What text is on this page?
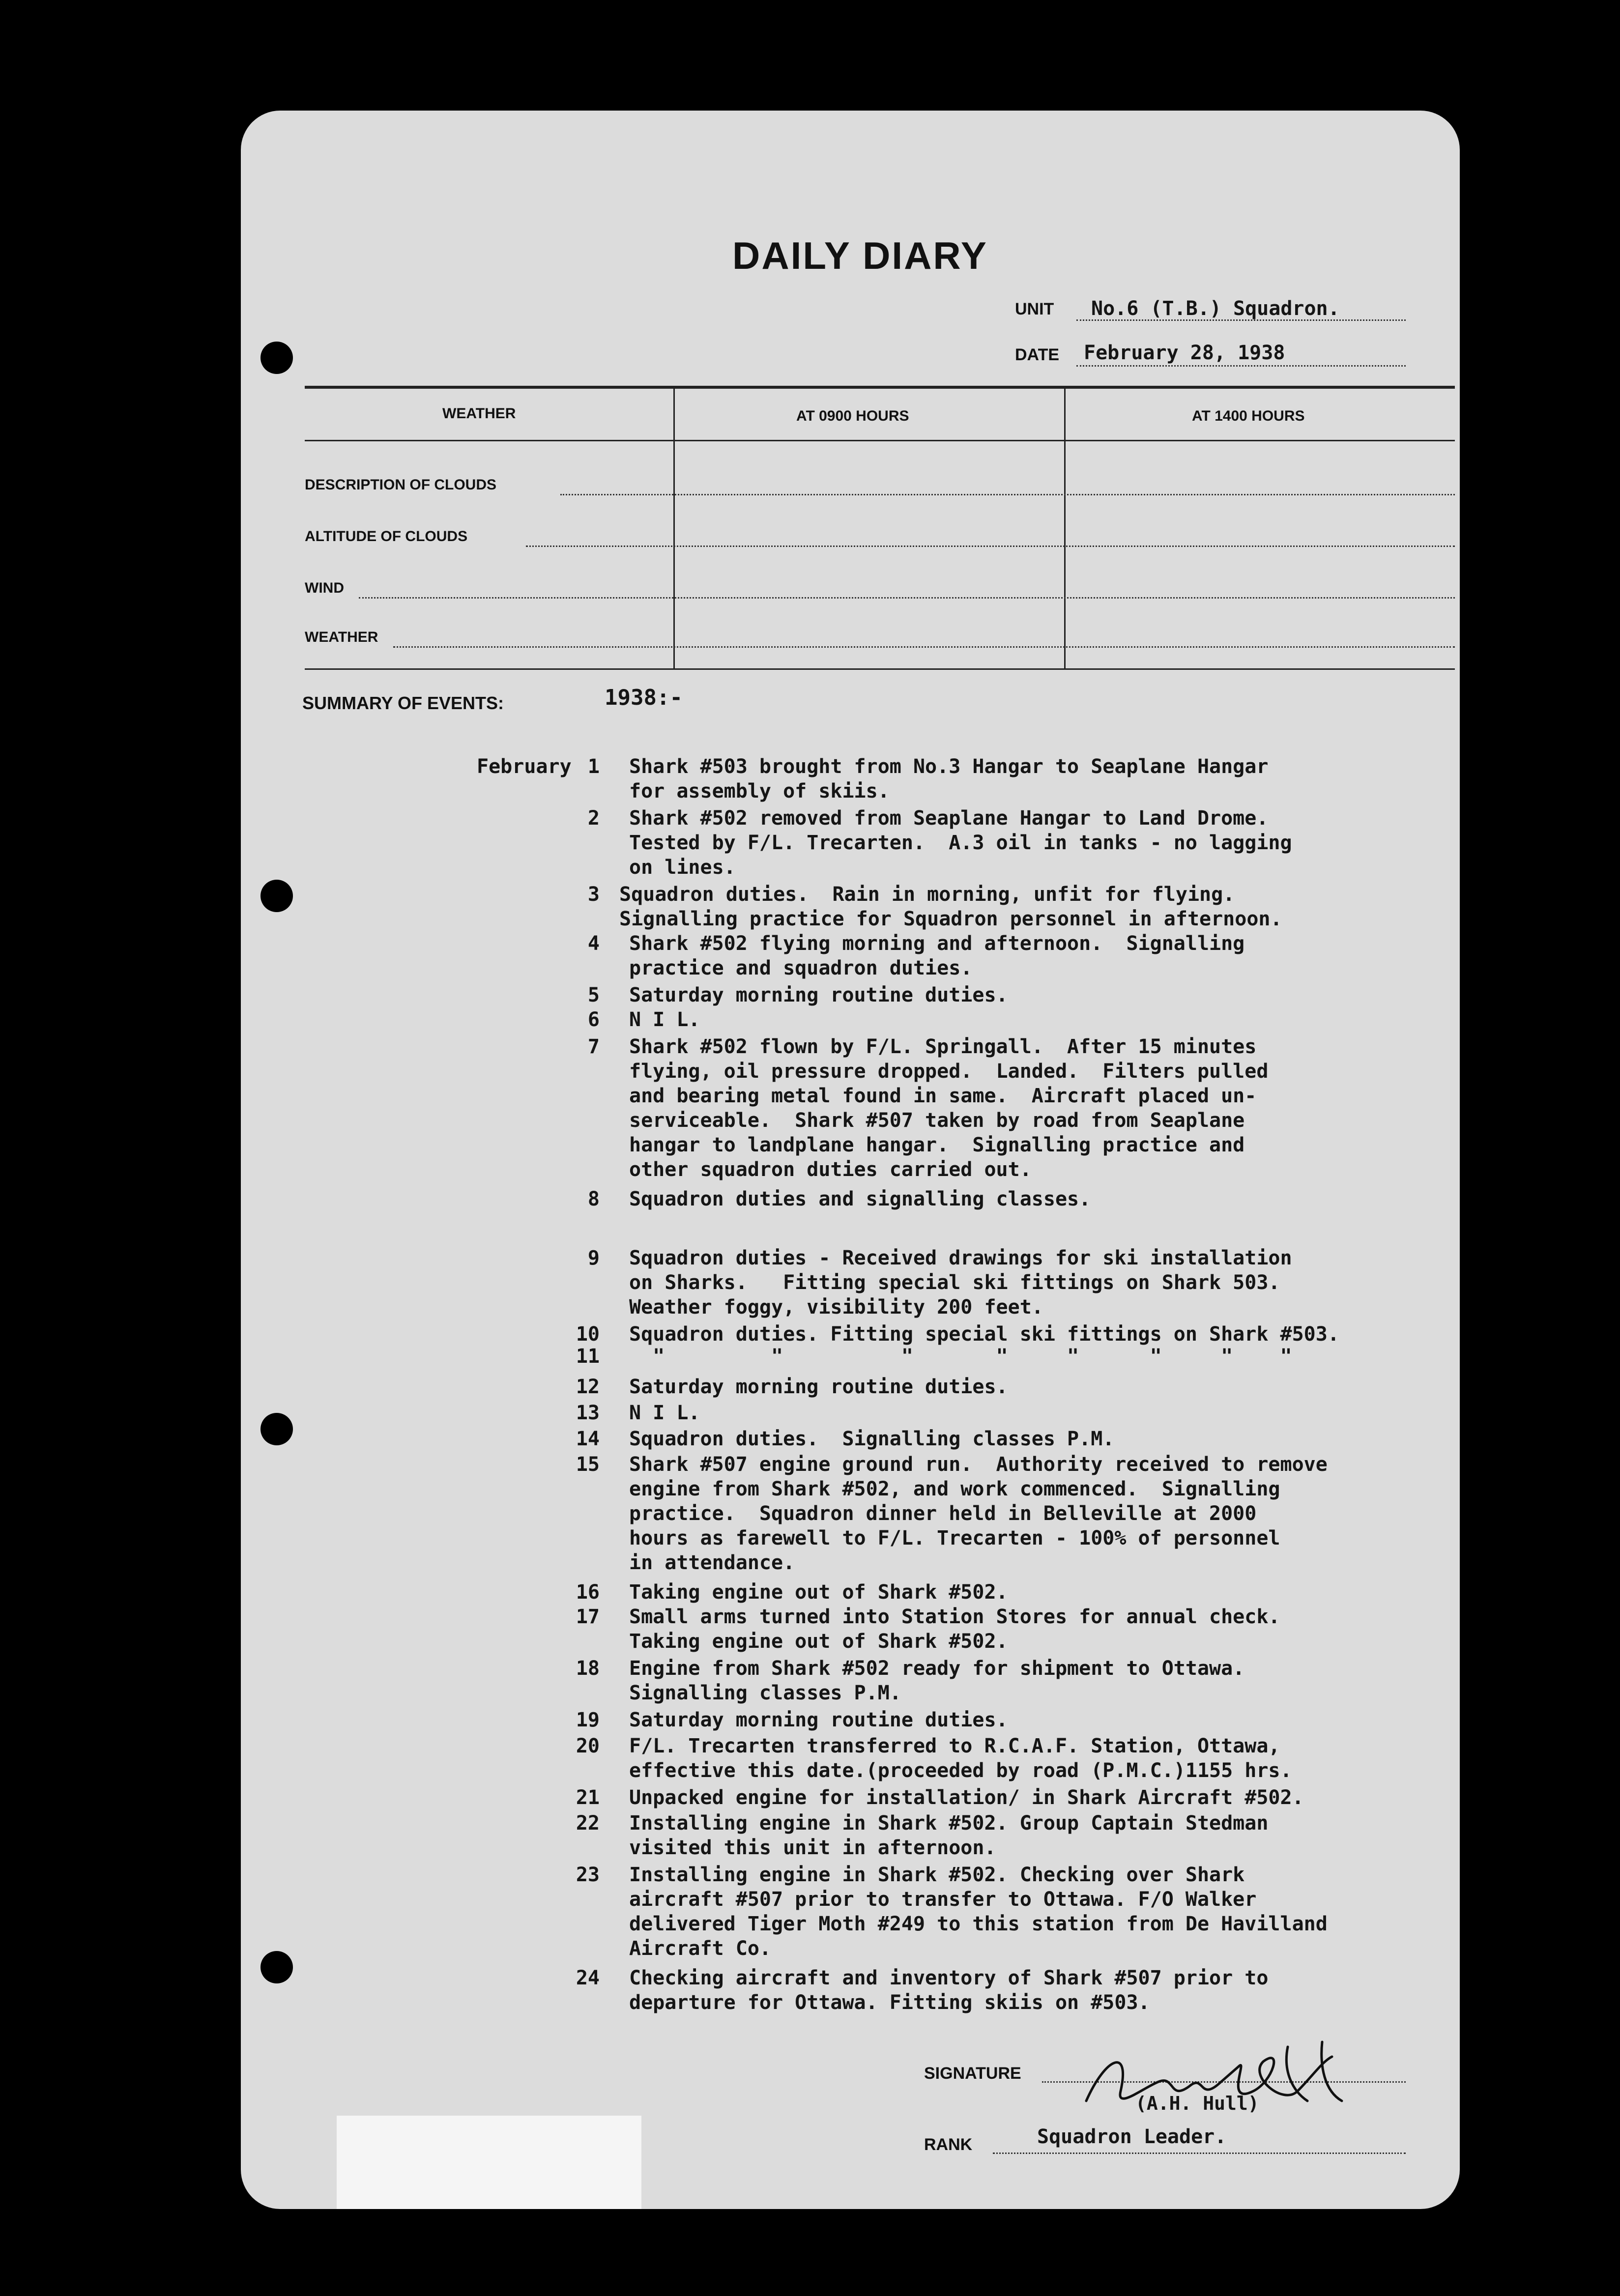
DAILY DIARY
UNIT No.6 (T.B.) Squadron.
DATE February 28, 1938
WEATHER	AT 0900 HOURS	AT 1400 HOURS
DESCRIPTION OF CLOUDS
ALTITUDE OF CLOUDS
WIND
WEATHER
SUMMARY OF EVENTS:	1938:-
February 1 Shark #503 brought from No.3 Hangar to Seaplane Hangar
for assembly of skiis.
2 Shark #502 removed from Seaplane Hangar to Land Drome.
Tested by F/L. Trecarten.  A.3 oil in tanks - no lagging
on lines.
3 Squadron duties.  Rain in morning, unfit for flying.
Signalling practice for Squadron personnel in afternoon.
4 Shark #502 flying morning and afternoon.  Signalling
practice and squadron duties.
5 Saturday morning routine duties.
6 N I L.
7 Shark #502 flown by F/L. Springall.  After 15 minutes
flying, oil pressure dropped.  Landed.  Filters pulled
and bearing metal found in same.  Aircraft placed un-
serviceable.  Shark #507 taken by road from Seaplane
hangar to landplane hangar.  Signalling practice and
other squadron duties carried out.
8 Squadron duties and signalling classes.
9 Squadron duties - Received drawings for ski installation
on Sharks.   Fitting special ski fittings on Shark 503.
Weather foggy, visibility 200 feet.
10 Squadron duties. Fitting special ski fittings on Shark #503.
11 "         "          "       "     "      "     "    "
12 Saturday morning routine duties.
13 N I L.
14 Squadron duties.  Signalling classes P.M.
15 Shark #507 engine ground run.  Authority received to remove
engine from Shark #502, and work commenced.  Signalling
practice.  Squadron dinner held in Belleville at 2000
hours as farewell to F/L. Trecarten - 100% of personnel
in attendance.
16 Taking engine out of Shark #502.
17 Small arms turned into Station Stores for annual check.
Taking engine out of Shark #502.
18 Engine from Shark #502 ready for shipment to Ottawa.
Signalling classes P.M.
19 Saturday morning routine duties.
20 F/L. Trecarten transferred to R.C.A.F. Station, Ottawa,
effective this date.(proceeded by road (P.M.C.)1155 hrs.
21 Unpacked engine for installation/ in Shark Aircraft #502.
22 Installing engine in Shark #502. Group Captain Stedman
visited this unit in afternoon.
23 Installing engine in Shark #502. Checking over Shark
aircraft #507 prior to transfer to Ottawa. F/O Walker
delivered Tiger Moth #249 to this station from De Havilland
Aircraft Co.
24 Checking aircraft and inventory of Shark #507 prior to
departure for Ottawa. Fitting skiis on #503.
SIGNATURE
(A.H. Hull)
RANK	Squadron Leader.
